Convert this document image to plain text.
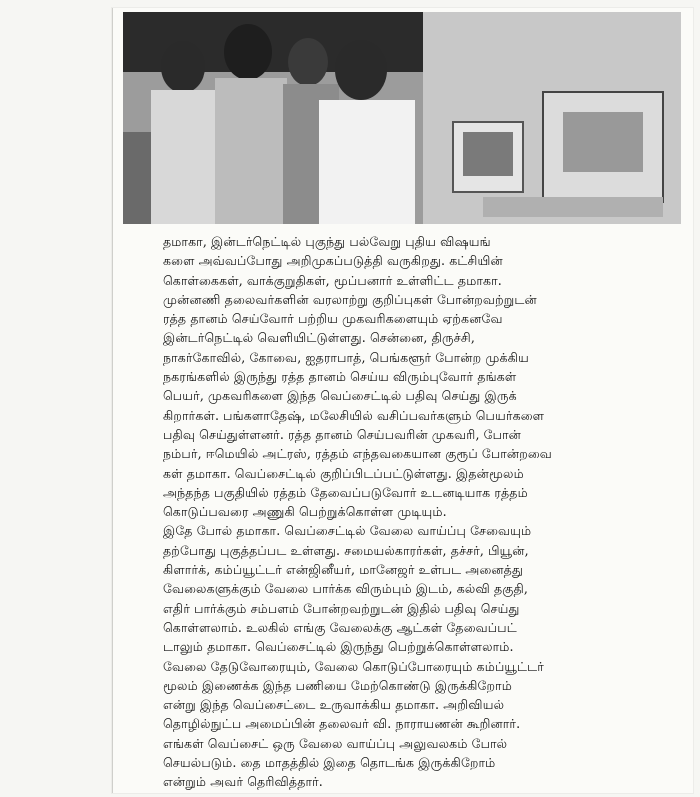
தமாகா, இன்டர்நெட்டில் புகுந்து பல்வேறு புதிய விஷயங்
களை அவ்வப்போது அறிமுகப்படுத்தி வருகிறது. கட்சியின்
கொள்கைகள், வாக்குறுதிகள், மூப்பனார் உள்ளிட்ட தமாகா.
முன்னணி தலைவர்களின் வரலாற்று குறிப்புகள் போன்றவற்றுடன்
ரத்த தானம் செய்வோர் பற்றிய முகவரிகளையும் ஏற்கனவே
இன்டர்நெட்டில் வெளியிட்டுள்ளது. சென்னை, திருச்சி,
நாகர்கோவில், கோவை, ஐதராபாத், பெங்களூர் போன்ற முக்கிய
நகரங்களில் இருந்து ரத்த தானம் செய்ய விரும்புவோர் தங்கள்
பெயர், முகவரிகளை இந்த வெப்சைட்டில் பதிவு செய்து இருக்
கிறார்கள். பங்களாதேஷ், மலேசியில் வசிப்பவர்களும் பெயர்களை
பதிவு செய்துள்ளனர். ரத்த தானம் செய்பவரின் முகவரி, போன்
நம்பர், ஈமெயில் அட்ரஸ், ரத்தம் எந்தவகையான குரூப் போன்றவை
கள் தமாகா. வெப்சைட்டில் குறிப்பிடப்பட்டுள்ளது. இதன்மூலம்
அந்தந்த பகுதியில் ரத்தம் தேவைப்படுவோர் உடனடியாக ரத்தம்
கொடுப்பவரை அணுகி பெற்றுக்கொள்ள முடியும்.

இதே போல் தமாகா. வெப்சைட்டில் வேலை வாய்ப்பு சேவையும்
தற்போது புகுத்தப்பட உள்ளது. சமையல்காரர்கள், தச்சர், பியூன்,
கிளார்க், கம்ப்யூட்டர் என்ஜினீயர், மானேஜர் உள்பட அனைத்து
வேலைகளுக்கும் வேலை பார்க்க விரும்பும் இடம், கல்வி தகுதி,
எதிர் பார்க்கும் சம்பளம் போன்றவற்றுடன் இதில் பதிவு செய்து
கொள்ளலாம். உலகில் எங்கு வேலைக்கு ஆட்கள் தேவைப்பட்
டாலும் தமாகா. வெப்சைட்டில் இருந்து பெற்றுக்கொள்ளலாம்.

வேலை தேடுவோரையும், வேலை கொடுப்போரையும் கம்ப்யூட்டர்
மூலம் இணைக்க இந்த பணியை மேற்கொண்டு இருக்கிறோம்
என்று இந்த வெப்சைட்டை உருவாக்கிய தமாகா. அறிவியல்
தொழில்நுட்ப அமைப்பின் தலைவர் வி. நாராயணன் கூறினார்.
எங்கள் வெப்சைட் ஒரு வேலை வாய்ப்பு அலுவலகம் போல்
செயல்படும். தை மாதத்தில் இதை தொடங்க இருக்கிறோம்
என்றும் அவர் தெரிவித்தார்.
